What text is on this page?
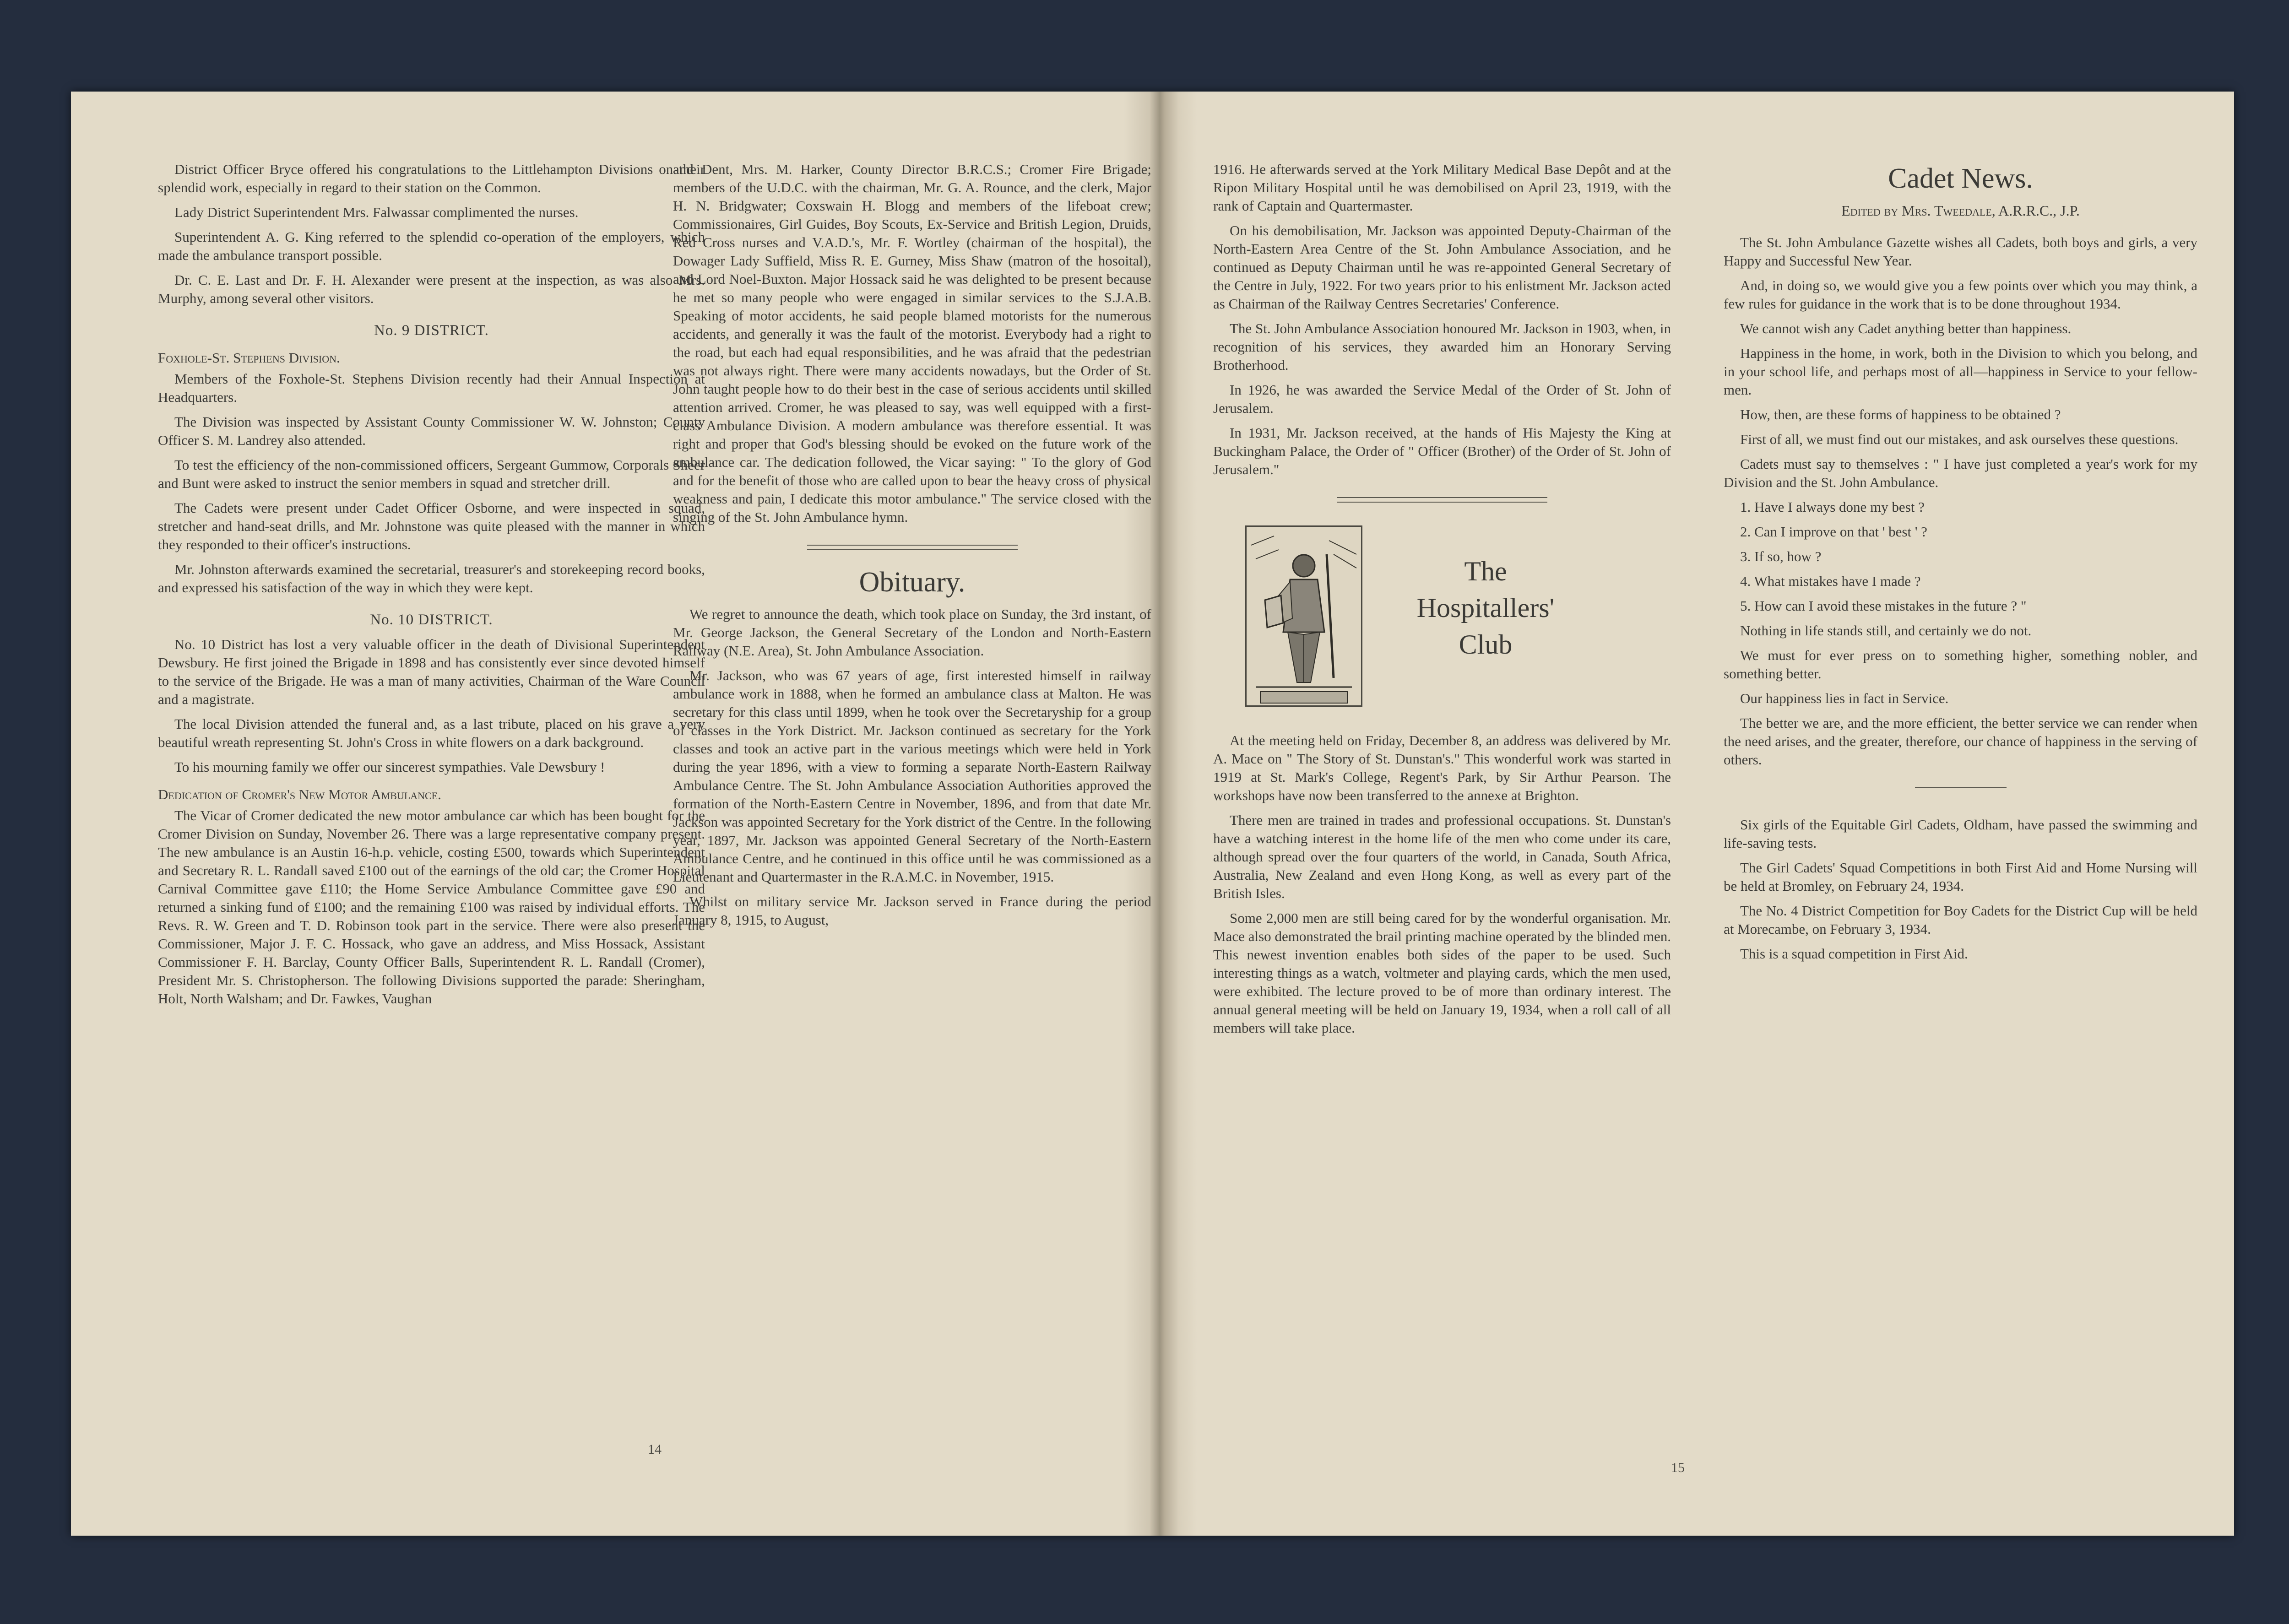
District Officer Bryce offered his congratulations to the Littlehampton Divisions on their splendid work, especially in regard to their station on the Common.

Lady District Superintendent Mrs. Falwassar complimented the nurses.

Superintendent A. G. King referred to the splendid co-operation of the employers, which made the ambulance transport possible.

Dr. C. E. Last and Dr. F. H. Alexander were present at the inspection, as was also Mrs. Murphy, among several other visitors.

No. 9 DISTRICT.
Foxhole-St. Stephens Division.

Members of the Foxhole-St. Stephens Division recently had their Annual Inspection at Headquarters.

The Division was inspected by Assistant County Commissioner W. W. Johnston; County Officer S. M. Landrey also attended.

To test the efficiency of the non-commissioned officers, Sergeant Gummow, Corporals Sheer and Bunt were asked to instruct the senior members in squad and stretcher drill.

The Cadets were present under Cadet Officer Osborne, and were inspected in squad, stretcher and hand-seat drills, and Mr. Johnstone was quite pleased with the manner in which they responded to their officer's instructions.

Mr. Johnston afterwards examined the secretarial, treasurer's and storekeeping record books, and expressed his satisfaction of the way in which they were kept.

No. 10 DISTRICT.

No. 10 District has lost a very valuable officer in the death of Divisional Superintendent Dewsbury. He first joined the Brigade in 1898 and has consistently ever since devoted himself to the service of the Brigade. He was a man of many activities, Chairman of the Ware Council and a magistrate.

The local Division attended the funeral and, as a last tribute, placed on his grave a very beautiful wreath representing St. John's Cross in white flowers on a dark background.

To his mourning family we offer our sincerest sympathies. Vale Dewsbury !

Dedication of Cromer's New Motor Ambulance.

The Vicar of Cromer dedicated the new motor ambulance car which has been bought for the Cromer Division on Sunday, November 26. There was a large representative company present. The new ambulance is an Austin 16-h.p. vehicle, costing £500, towards which Superintendent and Secretary R. L. Randall saved £100 out of the earnings of the old car; the Cromer Hospital Carnival Committee gave £110; the Home Service Ambulance Committee gave £90 and returned a sinking fund of £100; and the remaining £100 was raised by individual efforts. The Revs. R. W. Green and T. D. Robinson took part in the service. There were also present the Commissioner, Major J. F. C. Hossack, who gave an address, and Miss Hossack, Assistant Commissioner F. H. Barclay, County Officer Balls, Superintendent R. L. Randall (Cromer), President Mr. S. Christopherson. The following Divisions supported the parade: Sheringham, Holt, North Walsham; and Dr. Fawkes, Vaughan

and Dent, Mrs. M. Harker, County Director B.R.C.S.; Cromer Fire Brigade; members of the U.D.C. with the chairman, Mr. G. A. Rounce, and the clerk, Major H. N. Bridgwater; Coxswain H. Blogg and members of the lifeboat crew; Commissionaires, Girl Guides, Boy Scouts, Ex-Service and British Legion, Druids, Red Cross nurses and V.A.D.'s, Mr. F. Wortley (chairman of the hospital), the Dowager Lady Suffield, Miss R. E. Gurney, Miss Shaw (matron of the hosoital), and Lord Noel-Buxton. Major Hossack said he was delighted to be present because he met so many people who were engaged in similar services to the S.J.A.B. Speaking of motor accidents, he said people blamed motorists for the numerous accidents, and generally it was the fault of the motorist. Everybody had a right to the road, but each had equal responsibilities, and he was afraid that the pedestrian was not always right. There were many accidents nowadays, but the Order of St. John taught people how to do their best in the case of serious accidents until skilled attention arrived. Cromer, he was pleased to say, was well equipped with a first-class Ambulance Division. A modern ambulance was therefore essential. It was right and proper that God's blessing should be evoked on the future work of the ambulance car. The dedication followed, the Vicar saying: " To the glory of God and for the benefit of those who are called upon to bear the heavy cross of physical weakness and pain, I dedicate this motor ambulance." The service closed with the singing of the St. John Ambulance hymn.

Obituary.

We regret to announce the death, which took place on Sunday, the 3rd instant, of Mr. George Jackson, the General Secretary of the London and North-Eastern Railway (N.E. Area), St. John Ambulance Association.

Mr. Jackson, who was 67 years of age, first interested himself in railway ambulance work in 1888, when he formed an ambulance class at Malton. He was secretary for this class until 1899, when he took over the Secretaryship for a group of classes in the York District. Mr. Jackson continued as secretary for the York classes and took an active part in the various meetings which were held in York during the year 1896, with a view to forming a separate North-Eastern Railway Ambulance Centre. The St. John Ambulance Association Authorities approved the formation of the North-Eastern Centre in November, 1896, and from that date Mr. Jackson was appointed Secretary for the York district of the Centre. In the following year, 1897, Mr. Jackson was appointed General Secretary of the North-Eastern Ambulance Centre, and he continued in this office until he was commissioned as a Lieutenant and Quartermaster in the R.A.M.C. in November, 1915.

Whilst on military service Mr. Jackson served in France during the period January 8, 1915, to August,

14

1916. He afterwards served at the York Military Medical Base Depôt and at the Ripon Military Hospital until he was demobilised on April 23, 1919, with the rank of Captain and Quartermaster.

On his demobilisation, Mr. Jackson was appointed Deputy-Chairman of the North-Eastern Area Centre of the St. John Ambulance Association, and he continued as Deputy Chairman until he was re-appointed General Secretary of the Centre in July, 1922. For two years prior to his enlistment Mr. Jackson acted as Chairman of the Railway Centres Secretaries' Conference.

The St. John Ambulance Association honoured Mr. Jackson in 1903, when, in recognition of his services, they awarded him an Honorary Serving Brotherhood.

In 1926, he was awarded the Service Medal of the Order of St. John of Jerusalem.

In 1931, Mr. Jackson received, at the hands of His Majesty the King at Buckingham Palace, the Order of " Officer (Brother) of the Order of St. John of Jerusalem."

The
Hospitallers'
Club

At the meeting held on Friday, December 8, an address was delivered by Mr. A. Mace on " The Story of St. Dunstan's." This wonderful work was started in 1919 at St. Mark's College, Regent's Park, by Sir Arthur Pearson. The workshops have now been transferred to the annexe at Brighton.

There men are trained in trades and professional occupations. St. Dunstan's have a watching interest in the home life of the men who come under its care, although spread over the four quarters of the world, in Canada, South Africa, Australia, New Zealand and even Hong Kong, as well as every part of the British Isles.

Some 2,000 men are still being cared for by the wonderful organisation. Mr. Mace also demonstrated the brail printing machine operated by the blinded men. This newest invention enables both sides of the paper to be used. Such interesting things as a watch, voltmeter and playing cards, which the men used, were exhibited. The lecture proved to be of more than ordinary interest. The annual general meeting will be held on January 19, 1934, when a roll call of all members will take place.

Cadet News.
Edited by Mrs. Tweedale, A.R.R.C., J.P.

The St. John Ambulance Gazette wishes all Cadets, both boys and girls, a very Happy and Successful New Year.

And, in doing so, we would give you a few points over which you may think, a few rules for guidance in the work that is to be done throughout 1934.

We cannot wish any Cadet anything better than happiness.

Happiness in the home, in work, both in the Division to which you belong, and in your school life, and perhaps most of all—happiness in Service to your fellow-men.

How, then, are these forms of happiness to be obtained ?

First of all, we must find out our mistakes, and ask ourselves these questions.

Cadets must say to themselves : " I have just completed a year's work for my Division and the St. John Ambulance.

1. Have I always done my best ?

2. Can I improve on that ' best ' ?

3. If so, how ?

4. What mistakes have I made ?

5. How can I avoid these mistakes in the future ? "

Nothing in life stands still, and certainly we do not.

We must for ever press on to something higher, something nobler, and something better.

Our happiness lies in fact in Service.

The better we are, and the more efficient, the better service we can render when the need arises, and the greater, therefore, our chance of happiness in the serving of others.

Six girls of the Equitable Girl Cadets, Oldham, have passed the swimming and life-saving tests.

The Girl Cadets' Squad Competitions in both First Aid and Home Nursing will be held at Bromley, on February 24, 1934.

The No. 4 District Competition for Boy Cadets for the District Cup will be held at Morecambe, on February 3, 1934.

This is a squad competition in First Aid.

15
